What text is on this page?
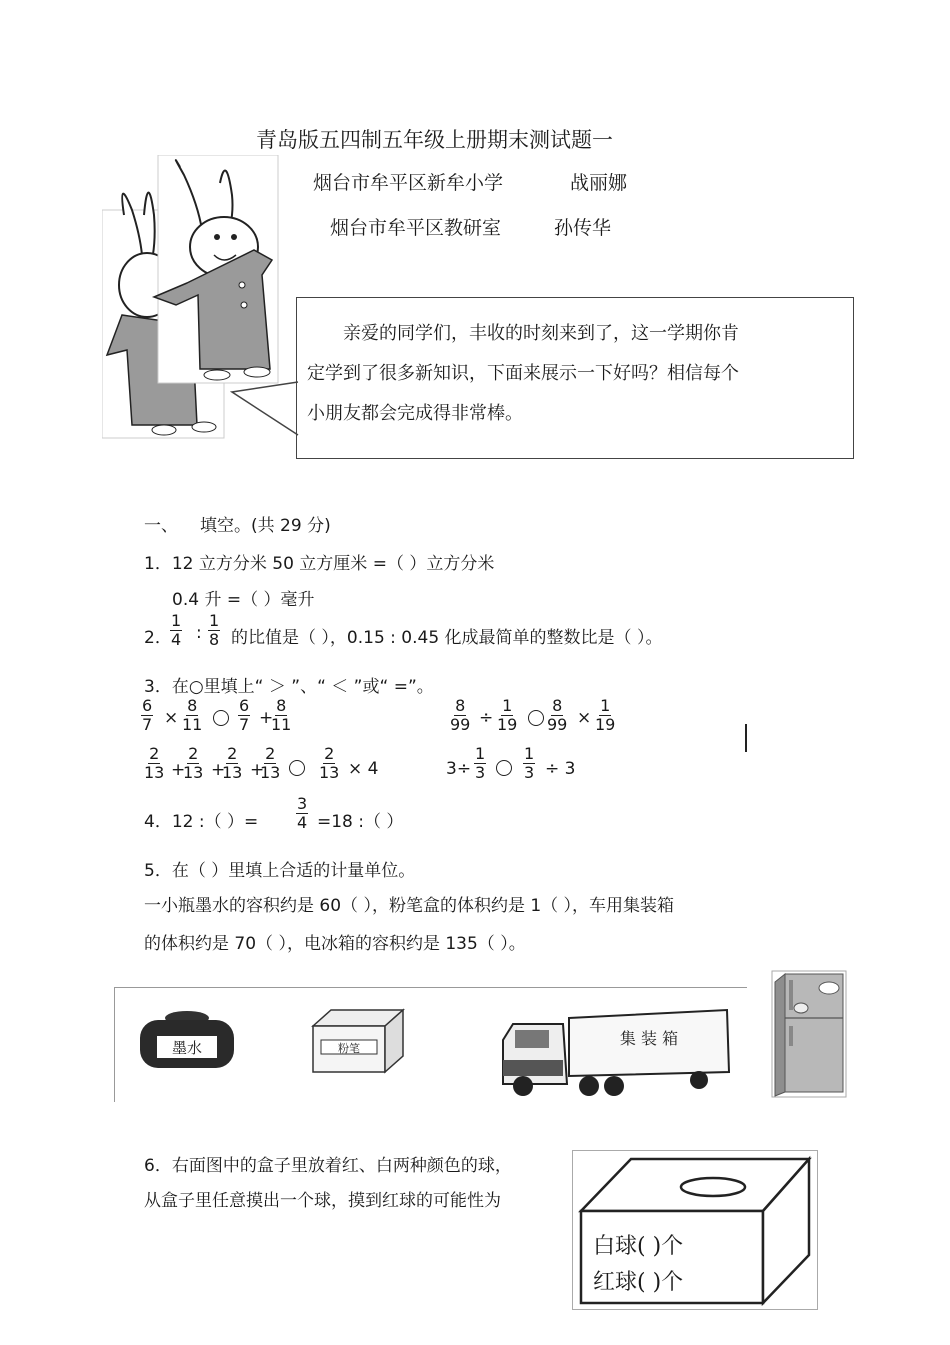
青岛版五四制五年级上册期末测试题一
烟台市牟平区新牟小学	战丽娜
烟台市牟平区教研室	孙传华

亲爱的同学们，丰收的时刻来到了，这一学期你肯
定学到了很多新知识，下面来展示一下好吗？相信每个
小朋友都会完成得非常棒。

一、 填空。(共 29 分)
1．12 立方分米 50 立方厘米 =（ ）立方分米
0.4 升 =（ ）毫升
2．
$\frac{1}{4}$ : $\frac{1}{8}$ 的比值是（ ），0.15 : 0.45 化成最简单的整数比是（ ）。
3．在○里填上“ ＞ ”、“ ＜ ”或“ =”。
$\frac{6}{7} \times \frac{8}{11} \frac{6}{7}$ +
$\frac{8}{11}$	$\frac{8}{99} \div \frac{1}{19} \frac{8}{99} \times \frac{1}{19}$
$\frac{2}{13}$ +
$\frac{2}{13}$ +
$\frac{2}{13}$ +
$\frac{2}{13} \frac{2}{13} \times 4$	$3\div \frac{1}{3} \frac{1}{3} \div 3$
4．12 :（ ）= $\frac{3}{4} =18$ :（ ）
5．在（ ）里填上合适的计量单位。
一小瓶墨水的容积约是 60（ ），粉笔盒的体积约是 1（ ），车用集装箱
的体积约是 70（ ），电冰箱的容积约是 135（ ）。
墨水	粉笔
集 装 箱
6．右面图中的盒子里放着红、白两种颜色的球，
从盒子里任意摸出一个球，摸到红球的可能性为
白球( )个
红球( )个
